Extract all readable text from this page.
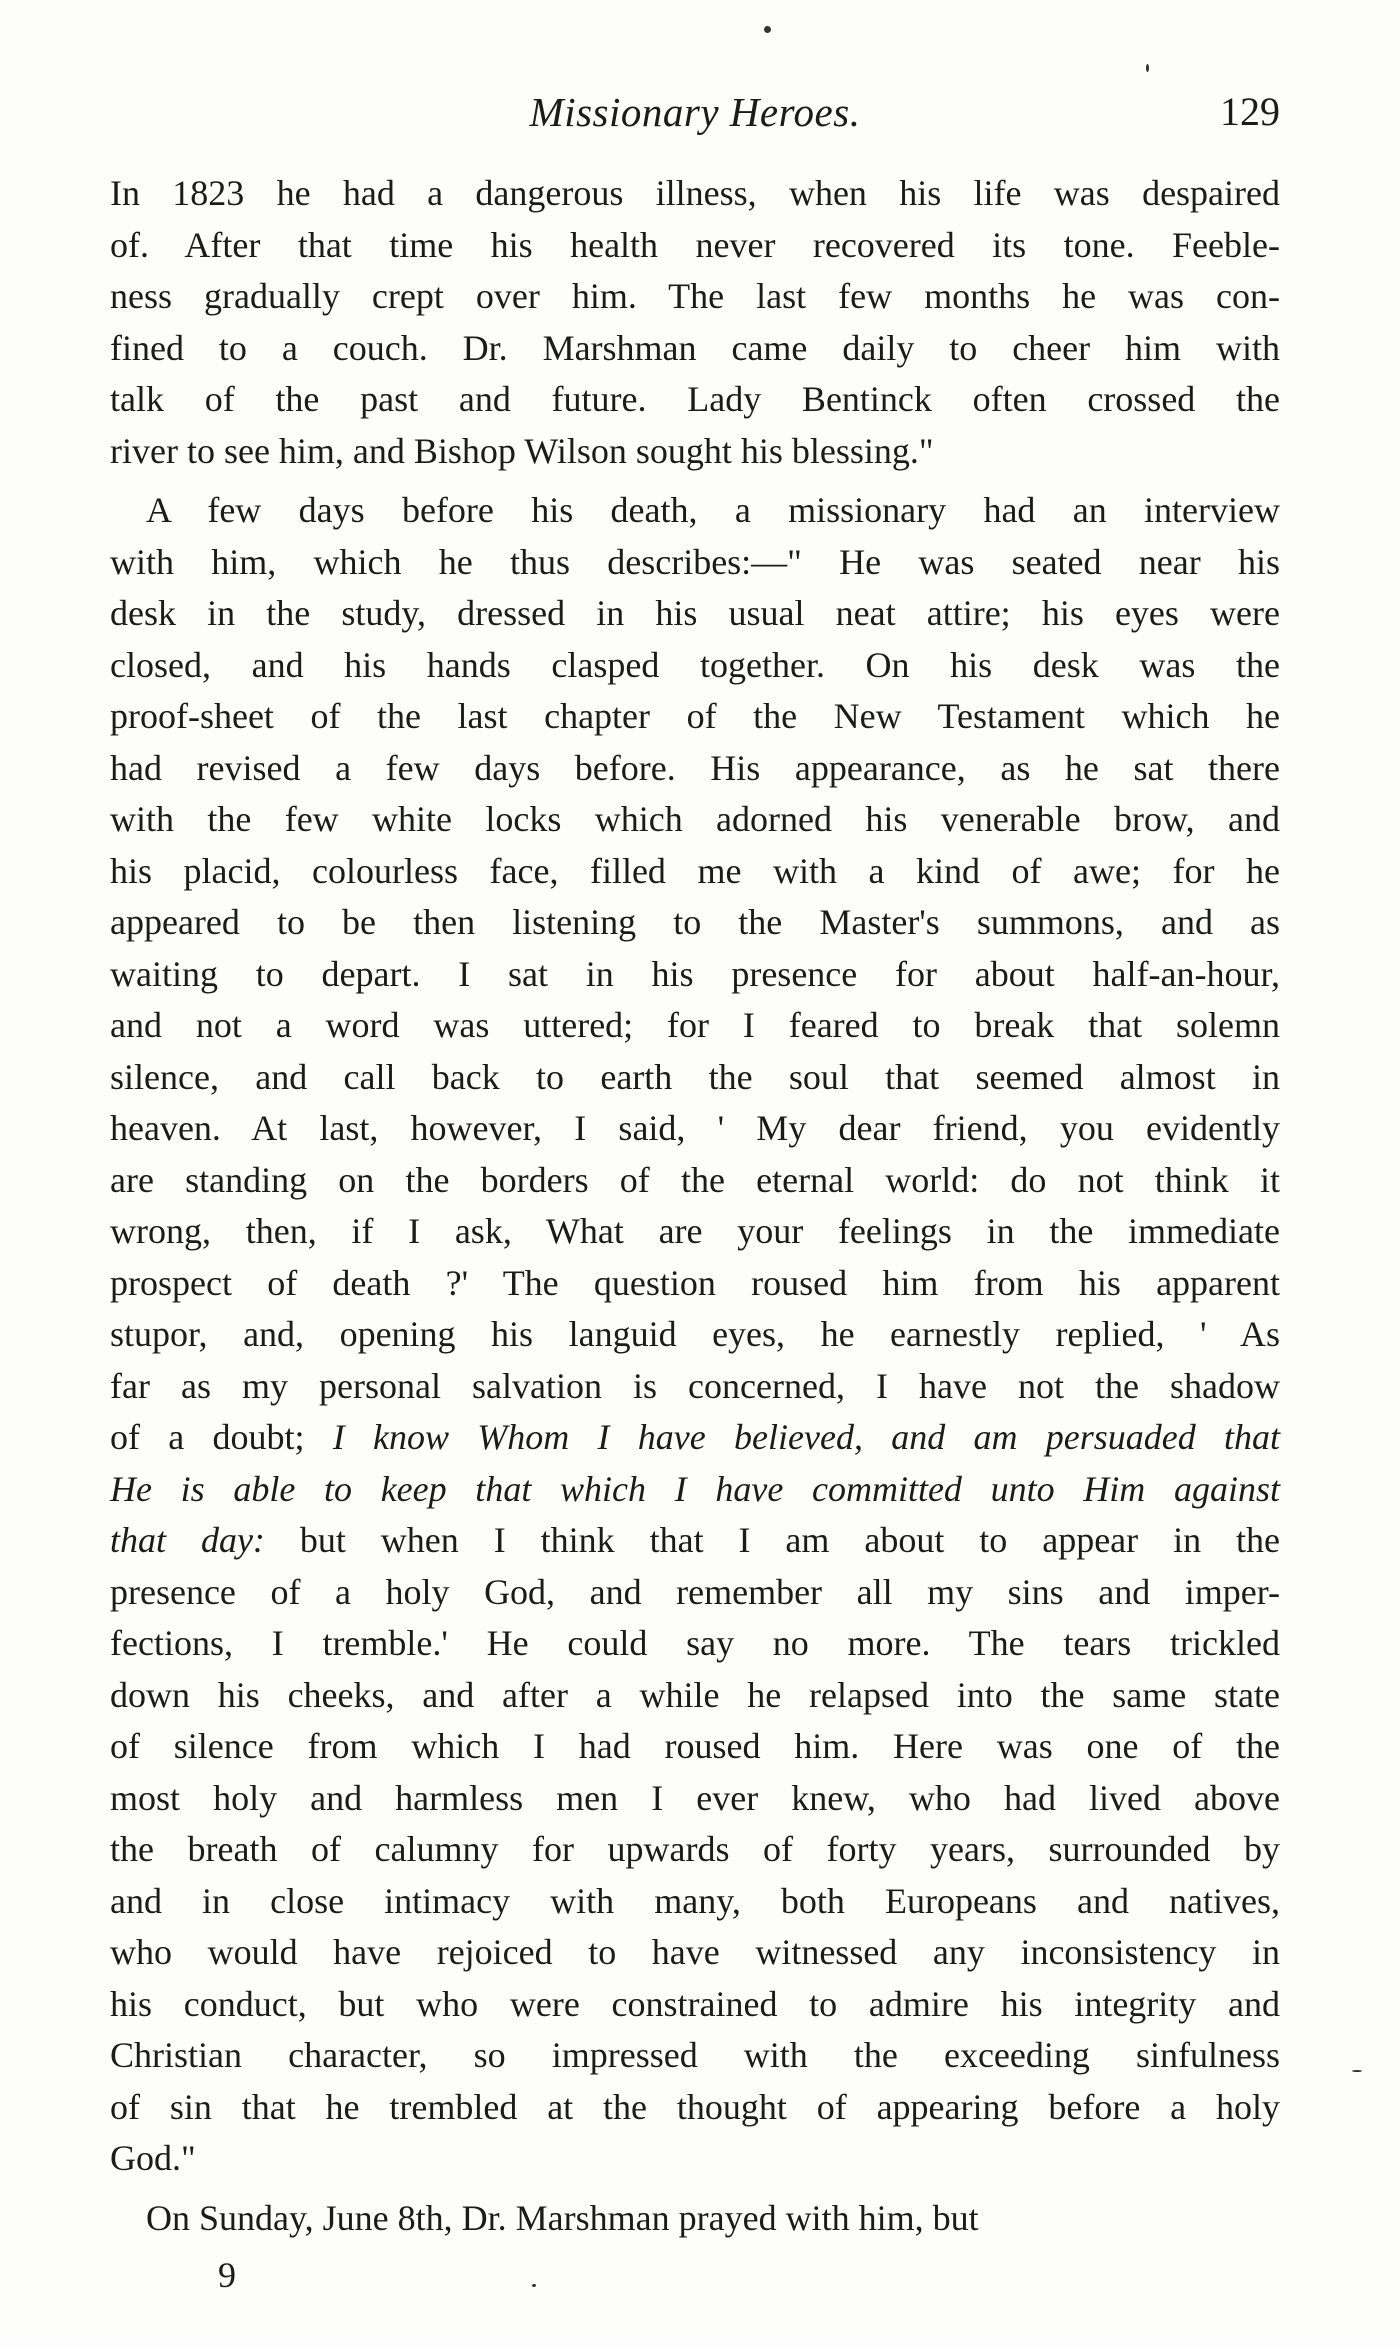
Missionary Heroes.	129
In 1823 he had a dangerous illness, when his life was despaired
of. After that time his health never recovered its tone. Feeble-
ness gradually crept over him. The last few months he was con-
fined to a couch. Dr. Marshman came daily to cheer him with
talk of the past and future. Lady Bentinck often crossed the
river to see him, and Bishop Wilson sought his blessing."
A few days before his death, a missionary had an interview
with him, which he thus describes:—" He was seated near his
desk in the study, dressed in his usual neat attire; his eyes were
closed, and his hands clasped together. On his desk was the
proof-sheet of the last chapter of the New Testament which he
had revised a few days before. His appearance, as he sat there
with the few white locks which adorned his venerable brow, and
his placid, colourless face, filled me with a kind of awe; for he
appeared to be then listening to the Master's summons, and as
waiting to depart. I sat in his presence for about half-an-hour,
and not a word was uttered; for I feared to break that solemn
silence, and call back to earth the soul that seemed almost in
heaven. At last, however, I said, ' My dear friend, you evidently
are standing on the borders of the eternal world: do not think it
wrong, then, if I ask, What are your feelings in the immediate
prospect of death ?' The question roused him from his apparent
stupor, and, opening his languid eyes, he earnestly replied, ' As
far as my personal salvation is concerned, I have not the shadow
of a doubt; I know Whom I have believed, and am persuaded that
He is able to keep that which I have committed unto Him against
that day: but when I think that I am about to appear in the
presence of a holy God, and remember all my sins and imper-
fections, I tremble.' He could say no more. The tears trickled
down his cheeks, and after a while he relapsed into the same state
of silence from which I had roused him. Here was one of the
most holy and harmless men I ever knew, who had lived above
the breath of calumny for upwards of forty years, surrounded by
and in close intimacy with many, both Europeans and natives,
who would have rejoiced to have witnessed any inconsistency in
his conduct, but who were constrained to admire his integrity and
Christian character, so impressed with the exceeding sinfulness
of sin that he trembled at the thought of appearing before a holy
God."
On Sunday, June 8th, Dr. Marshman prayed with him, but
9
